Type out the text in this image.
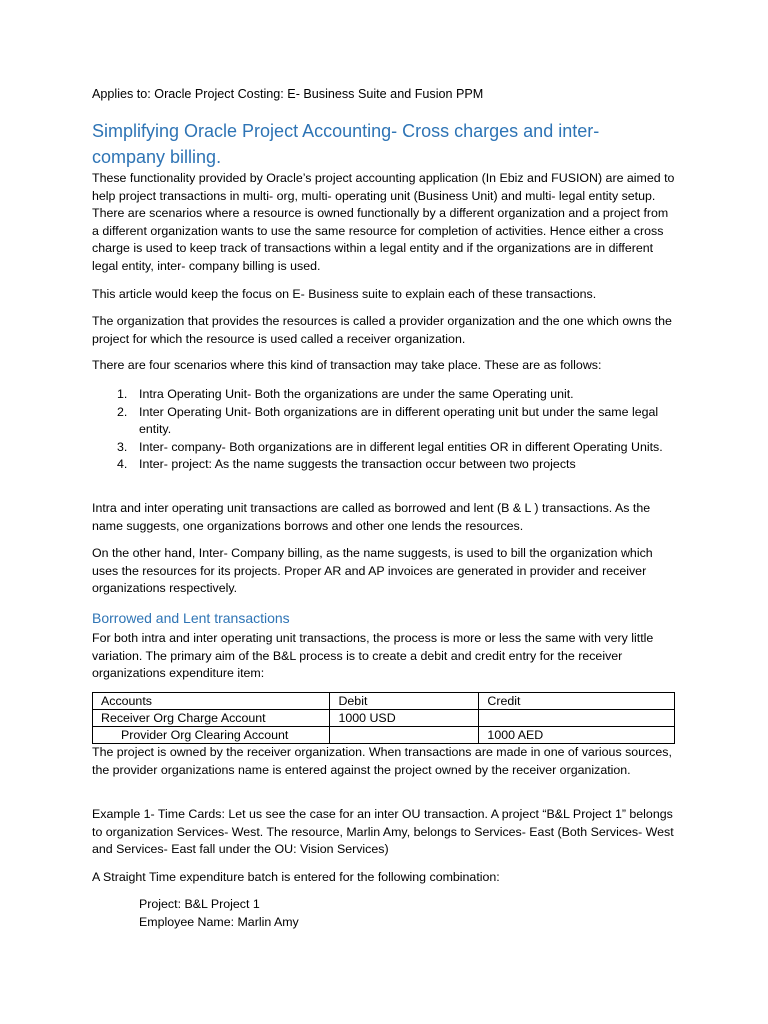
Applies to: Oracle Project Costing: E- Business Suite and Fusion PPM

Simplifying Oracle Project Accounting- Cross charges and inter- company billing.

These functionality provided by Oracle’s project accounting application (In Ebiz and FUSION) are aimed to help project transactions in multi- org, multi- operating unit (Business Unit) and multi- legal entity setup. There are scenarios where a resource is owned functionally by a different organization and a project from a different organization wants to use the same resource for completion of activities. Hence either a cross charge is used to keep track of transactions within a legal entity and if the organizations are in different legal entity, inter- company billing is used.

This article would keep the focus on E- Business suite to explain each of these transactions.

The organization that provides the resources is called a provider organization and the one which owns the project for which the resource is used called a receiver organization.

There are four scenarios where this kind of transaction may take place. These are as follows:

1. Intra Operating Unit- Both the organizations are under the same Operating unit.
2. Inter Operating Unit- Both organizations are in different operating unit but under the same legal entity.
3. Inter- company- Both organizations are in different legal entities OR in different Operating Units.
4. Inter- project: As the name suggests the transaction occur between two projects

Intra and inter operating unit transactions are called as borrowed and lent (B & L ) transactions. As the name suggests, one organizations borrows and other one lends the resources.

On the other hand, Inter- Company billing, as the name suggests, is used to bill the organization which uses the resources for its projects. Proper AR and AP invoices are generated in provider and receiver organizations respectively.

Borrowed and Lent transactions

For both intra and inter operating unit transactions, the process is more or less the same with very little variation. The primary aim of the B&L process is to create a debit and credit entry for the receiver organizations expenditure item:

Accounts	Debit	Credit
Receiver Org Charge Account	1000 USD	
Provider Org Clearing Account		1000 AED

The project is owned by the receiver organization. When transactions are made in one of various sources, the provider organizations name is entered against the project owned by the receiver organization.

Example 1- Time Cards: Let us see the case for an inter OU transaction. A project “B&L Project 1” belongs to organization Services- West. The resource, Marlin Amy, belongs to Services- East (Both Services- West and Services- East fall under the OU: Vision Services)

A Straight Time expenditure batch is entered for the following combination:

Project: B&L Project 1

Employee Name: Marlin Amy
